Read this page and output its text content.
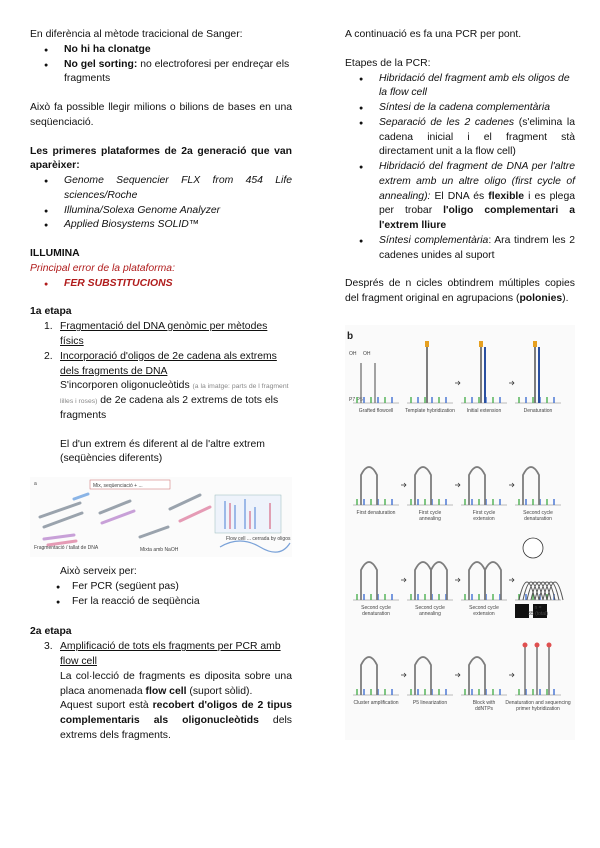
En diferència al mètode tracicional de Sanger:
● No hi ha clonatge
● No gel sorting: no electroforesi per endreçar els fragments

Això fa possible llegir milions o bilions de bases en una seqüenciació.

Les primeres plataformes de 2a generació que van aparèixer:
● Genome Sequencier FLX from 454 Life sciences/Roche
● Illumina/Solexa Genome Analyzer
● Applied Biosystems SOLID™
ILLUMINA
Principal error de la plataforma:
● FER SUBSTITUCIONS
1a etapa
1. Fragmentació del DNA genòmic per mètodes físics
2. Incorporació d'oligos de 2e cadena als extrems dels fragments de DNA
S'incorporen oligonucleòtids (a la imatge: parts de l fragment lilles i roses) de 2e cadena als 2 extrems de tots els fragments
El d'un extrem és diferent al de l'altre extrem (seqüències diferents)
a	Mix, seqüenciació + ...
Fragmentació / tallat de DNA	Mixta amb NaOH
Flow cell ... cerrada by oligos
Això serveix per:
● Fer PCR (següent pas)
● Fer la reacció de seqüència
2a etapa
3. Amplificació de tots els fragments per PCR amb flow cell
La col·lecció de fragments es diposita sobre una placa anomenada flow cell (suport sòlid).
Aquest suport està recobert d'oligos de 2 tipus complementaris als oligonucleòtids dels extrems dels fragments.

A continuació es fa una PCR per pont.

Etapes de la PCR:
● Hibridació del fragment amb els oligos de la flow cell
● Síntesi de la cadena complementària
● Separació de les 2 cadenes (s'elimina la cadena inicial i el fragment stà directament unit a la flow cell)
● Hibridació del fragment de DNA per l'altre extrem amb un altre oligo (first cycle of annealing): El DNA és flexible i es plega per trobar l'oligo complementari a l'extrem lliure
● Síntesi complementària: Ara tindrem les 2 cadenes unides al suport

Després de n cicles obtindrem múltiples copies del fragment original en agrupacions (polonies).

b
OH OH
P7 P5
Grafted flowcell Template hybridization Initial extension	Denaturation
First denaturation	First cycle
annealing
First cycle
extension
Second cycle
denaturation
Second cycle
denaturation
Second cycle
annealing
Second cycle
extension
n =
35 (total)
Cluster amplification	P5 linearization	Block with
ddNTPs
Denaturation and sequencing
primer hybridization
